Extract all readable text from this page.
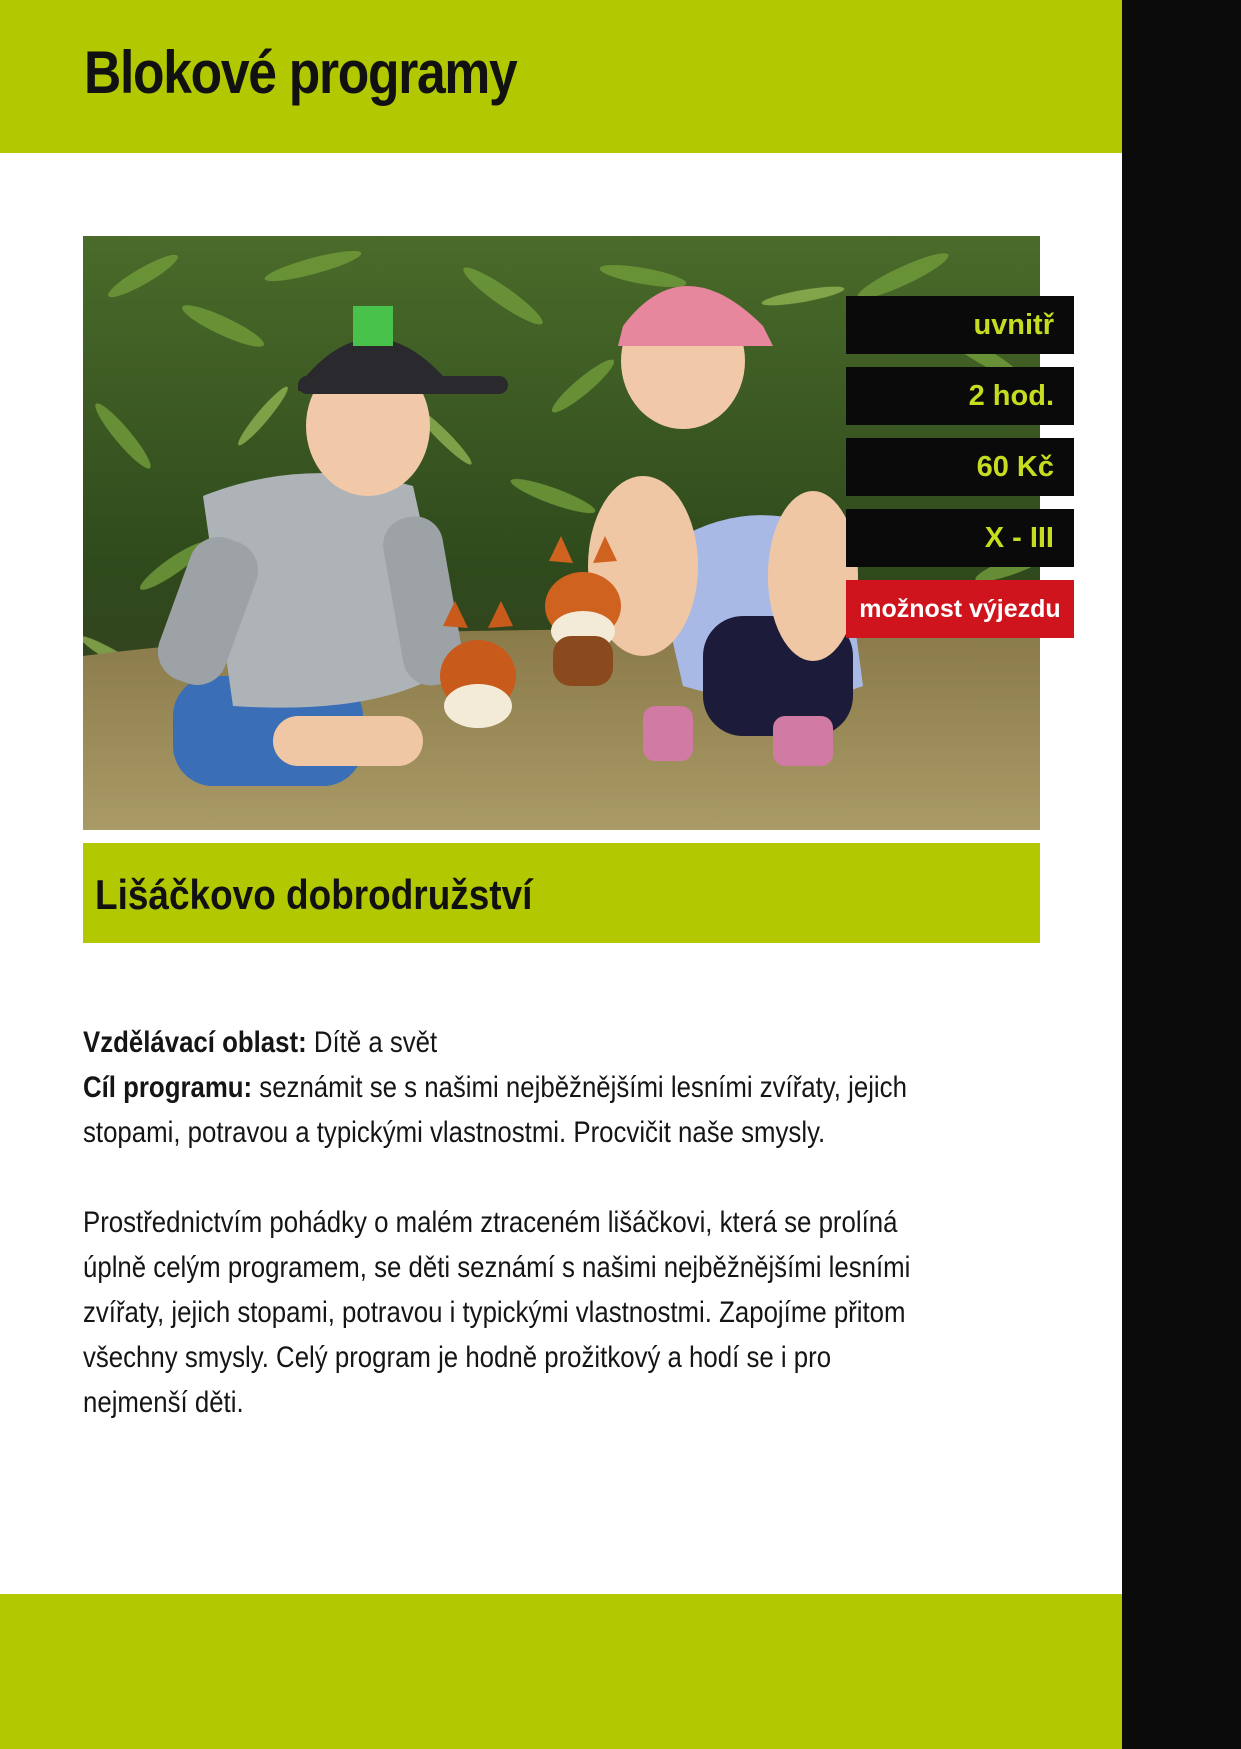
Blokové programy

uvnitř
2 hod.
60 Kč
X - III
možnost výjezdu
Lišáčkovo dobrodružství

Vzdělávací oblast: Dítě a svět

Cíl programu: seznámit se s našimi nejběžnějšími lesními zvířaty, jejich stopami, potravou a typickými vlastnostmi. Procvičit naše smysly.

Prostřednictvím pohádky o malém ztraceném lišáčkovi, která se prolíná úplně celým programem, se děti seznámí s našimi nejběžnějšími lesními zvířaty, jejich stopami, potravou i typickými vlastnostmi. Zapojíme přitom všechny smysly. Celý program je hodně prožitkový a hodí se i pro nejmenší děti.
